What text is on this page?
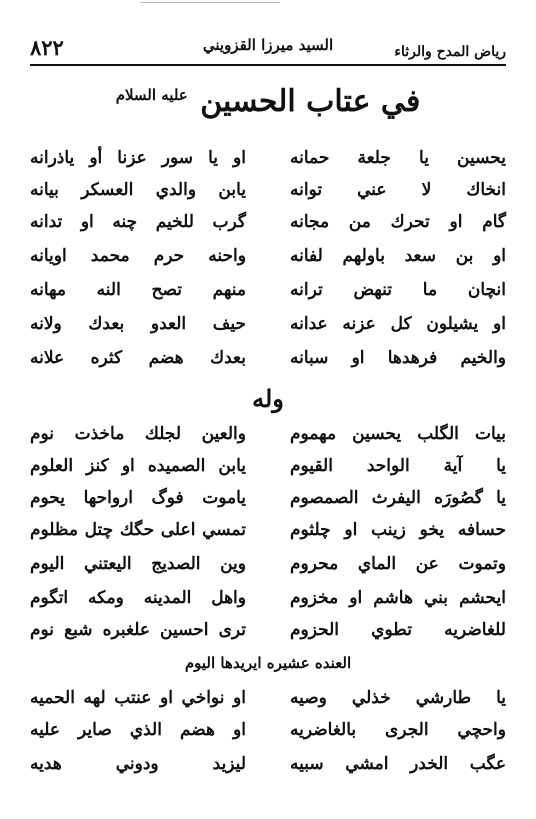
رياض المدح والرثاء
٨٢٢	السيد ميرزا القزويني
في عتاب الحسين $^{عليه السلام}$
يحسين يا جلعة حمانه
او يا سور عزنا أو ياذرانه
انخاك لا عني توانه
يابن والدي العسكر بيانه
گام او تحرك من مجانه
گرب للخيم چنه او تدانه
او بن سعد باولهم لفانه
واحنه حرم محمد اويانه
انچان ما تنهض ترانه
منهم تصح النه مهانه
او يشيلون كل عزنه عدانه
حيف العدو بعدك ولانه
والخيم فرهدها او سبانه
بعدك هضم كثره علانه
وله
بيات الگلب يحسين مهموم
والعين لجلك ماخذت نوم
يا آية الواحد القيوم
يابن الصميده او كنز العلوم
يا گصُورَه اليفرث الصمصوم
ياموت فوگ ارواحها يحوم
حسافه يخو زينب او چلثوم
تمسي اعلى حگك چتل مظلوم
وتموت عن الماي محروم
وين الصديج اليعتني اليوم
ايحشم بني هاشم او مخزوم
واهل المدينه ومكه اتگوم
للغاضريه تطوي الحزوم
ترى احسين علغبره شبع نوم
العنده عشيره ايريدها اليوم
يا طارشي خذلي وصيه
او نواخي او عنتب لهه الحميه
واحچي الجرى بالغاضريه
او هضم الذي صاير عليه
عگب الخدر امشي سبيه
ليزيد ودوني هديه
